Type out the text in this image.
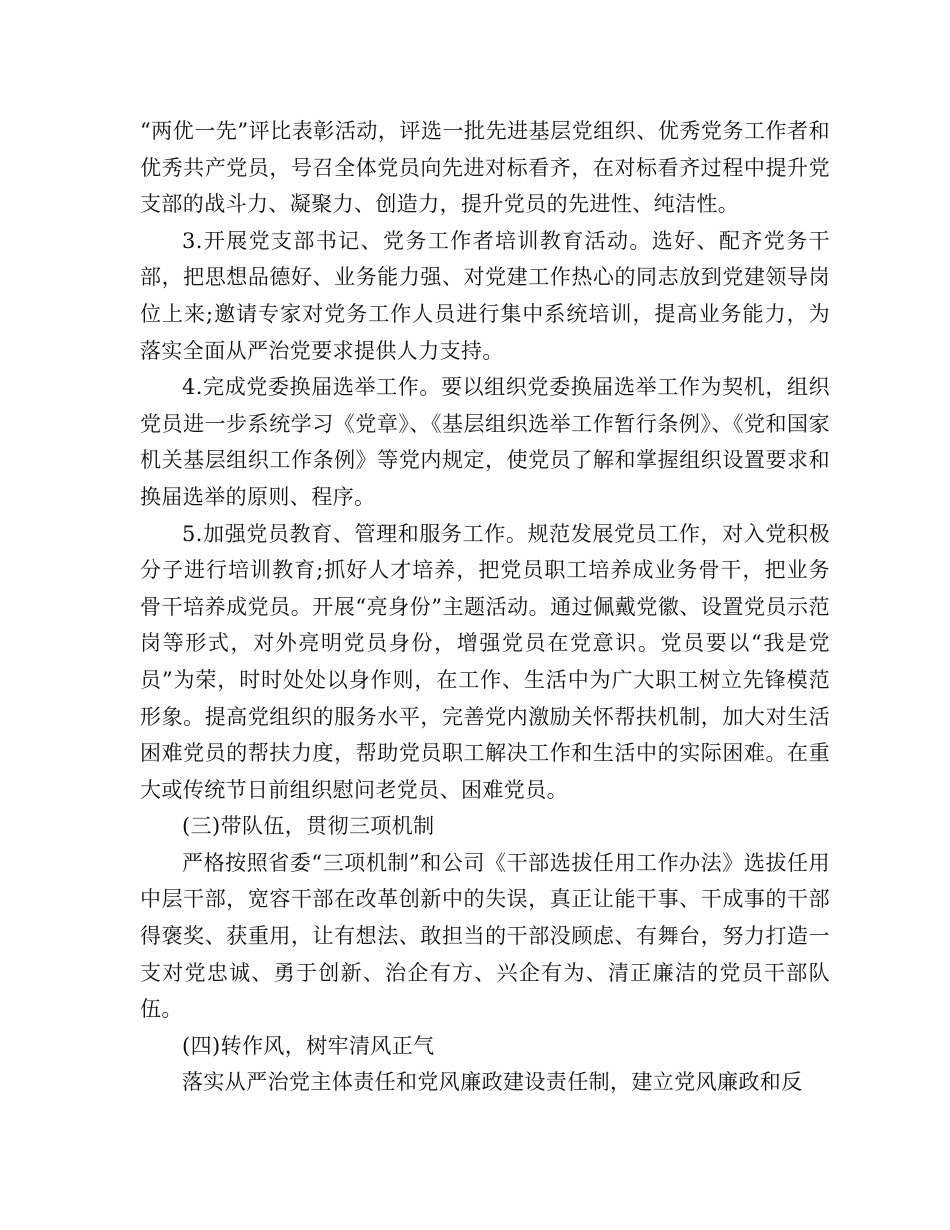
“两优一先”评比表彰活动，评选一批先进基层党组织、优秀党务工作者和优秀共产党员，号召全体党员向先进对标看齐，在对标看齐过程中提升党支部的战斗力、凝聚力、创造力，提升党员的先进性、纯洁性。

3.开展党支部书记、党务工作者培训教育活动。选好、配齐党务干部，把思想品德好、业务能力强、对党建工作热心的同志放到党建领导岗位上来;邀请专家对党务工作人员进行集中系统培训，提高业务能力，为落实全面从严治党要求提供人力支持。

4.完成党委换届选举工作。要以组织党委换届选举工作为契机，组织党员进一步系统学习《党章》、《基层组织选举工作暂行条例》、《党和国家机关基层组织工作条例》等党内规定，使党员了解和掌握组织设置要求和换届选举的原则、程序。

5.加强党员教育、管理和服务工作。规范发展党员工作，对入党积极分子进行培训教育;抓好人才培养，把党员职工培养成业务骨干，把业务骨干培养成党员。开展“亮身份”主题活动。通过佩戴党徽、设置党员示范岗等形式，对外亮明党员身份，增强党员在党意识。党员要以“我是党员”为荣，时时处处以身作则，在工作、生活中为广大职工树立先锋模范形象。提高党组织的服务水平，完善党内激励关怀帮扶机制，加大对生活困难党员的帮扶力度，帮助党员职工解决工作和生活中的实际困难。在重大或传统节日前组织慰问老党员、困难党员。

(三)带队伍，贯彻三项机制

严格按照省委“三项机制”和公司《干部选拔任用工作办法》选拔任用中层干部，宽容干部在改革创新中的失误，真正让能干事、干成事的干部得褒奖、获重用，让有想法、敢担当的干部没顾虑、有舞台，努力打造一支对党忠诚、勇于创新、治企有方、兴企有为、清正廉洁的党员干部队伍。

(四)转作风，树牢清风正气

落实从严治党主体责任和党风廉政建设责任制，建立党风廉政和反
